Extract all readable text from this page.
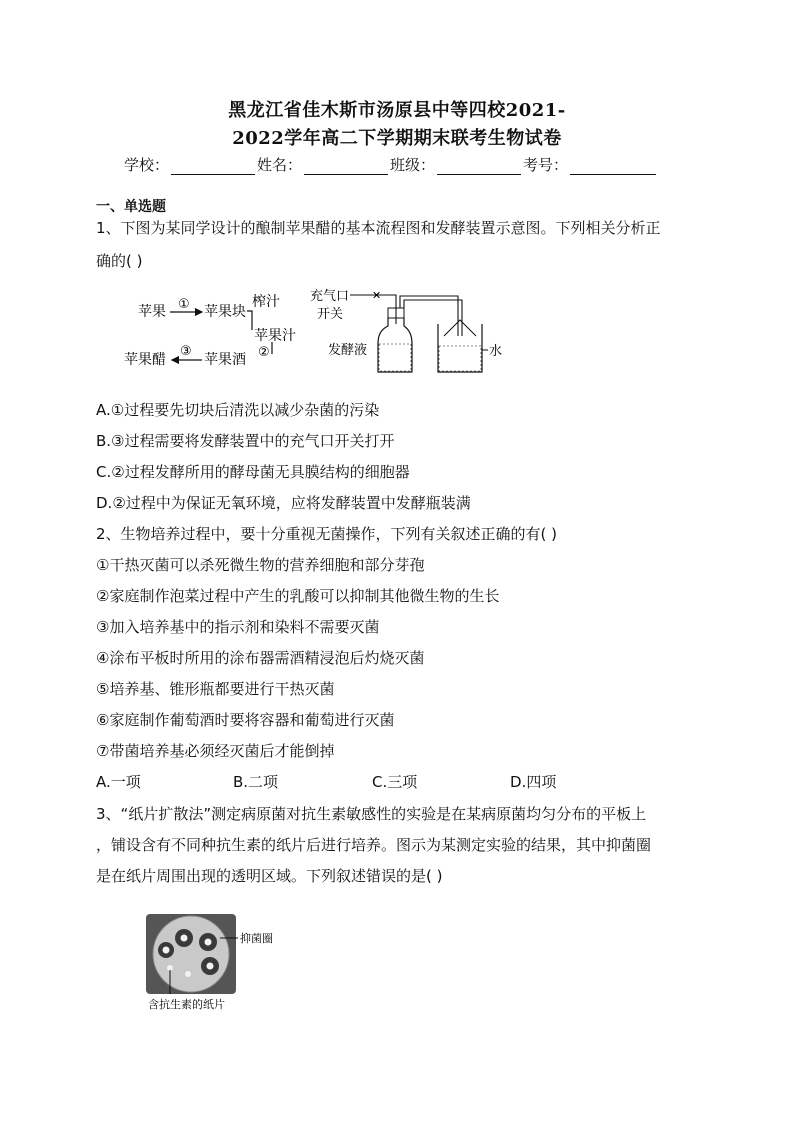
黑龙江省佳木斯市汤原县中等四校2021-
2022学年高二下学期期末联考生物试卷
学校：	姓名：	班级：	考号：
一、单选题
1、下图为某同学设计的酿制苹果醋的基本流程图和发酵装置示意图。下列相关分析正
确的( )
苹果 ① 苹果块
榨汁
苹果汁
②
苹果酒
③
苹果醋
充气口
开关
发酵液
✕
水
A.①过程要先切块后清洗以减少杂菌的污染
B.③过程需要将发酵装置中的充气口开关打开
C.②过程发酵所用的酵母菌无具膜结构的细胞器
D.②过程中为保证无氧环境，应将发酵装置中发酵瓶装满
2、生物培养过程中，要十分重视无菌操作，下列有关叙述正确的有( )
①干热灭菌可以杀死微生物的营养细胞和部分芽孢
②家庭制作泡菜过程中产生的乳酸可以抑制其他微生物的生长
③加入培养基中的指示剂和染料不需要灭菌
④涂布平板时所用的涂布器需酒精浸泡后灼烧灭菌
⑤培养基、锥形瓶都要进行干热灭菌
⑥家庭制作葡萄酒时要将容器和葡萄进行灭菌
⑦带菌培养基必须经灭菌后才能倒掉
A.一项	B.二项	C.三项	D.四项
3、“纸片扩散法”测定病原菌对抗生素敏感性的实验是在某病原菌均匀分布的平板上
，铺设含有不同种抗生素的纸片后进行培养。图示为某测定实验的结果，其中抑菌圈
是在纸片周围出现的透明区域。下列叙述错误的是( )
抑菌圈
含抗生素的纸片
